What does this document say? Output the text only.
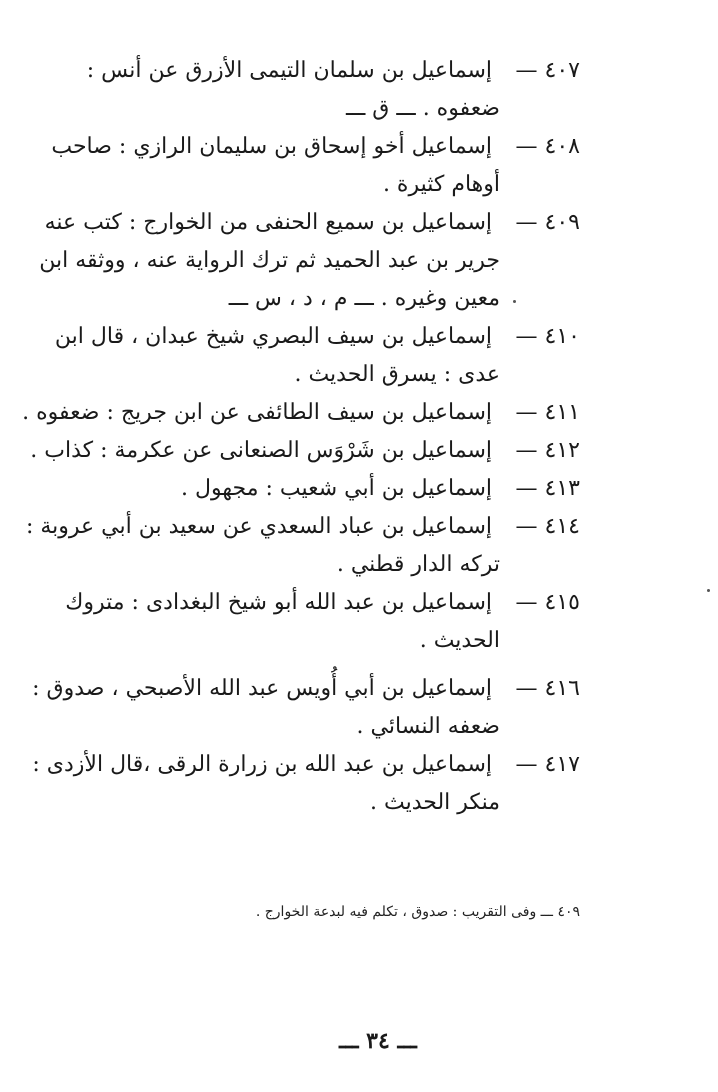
٤٠٧ —
إسماعيل بن سلمان التيمى الأزرق عن أنس :
ضعفوه . ـــ ق ـــ
٤٠٨ —
إسماعيل أخو إسحاق بن سليمان الرازي : صاحب
أوهام كثيرة .
٤٠٩ —
إسماعيل بن سميع الحنفى من الخوارج : كتب عنه
جرير بن عبد الحميد ثم ترك الرواية عنه ، ووثقه ابن
معين وغيره . ـــ م ، د ، س ـــ
٤١٠ —
إسماعيل بن سيف البصري شيخ عبدان ، قال ابن
عدى : يسرق الحديث .
٤١١ —
إسماعيل بن سيف الطائفى عن ابن جريج : ضعفوه .
٤١٢ —
إسماعيل بن شَرْوَس الصنعانى عن عكرمة : كذاب .
٤١٣ —
إسماعيل بن أبي شعيب : مجهول .
٤١٤ —
إسماعيل بن عباد السعدي عن سعيد بن أبي عروبة :
تركه الدار قطني .
٤١٥ —
إسماعيل بن عبد الله أبو شيخ البغدادى : متروك
الحديث .
٤١٦ —
إسماعيل بن أبي أُويس عبد الله الأصبحي ، صدوق :
ضعفه النسائي .
٤١٧ —
إسماعيل بن عبد الله بن زرارة الرقى ،قال الأزدى :
منكر الحديث .
٤٠٩ ـــ وفى التقريب : صدوق ، تكلم فيه لبدعة الخوارج .
ـــ ٣٤ ـــ
